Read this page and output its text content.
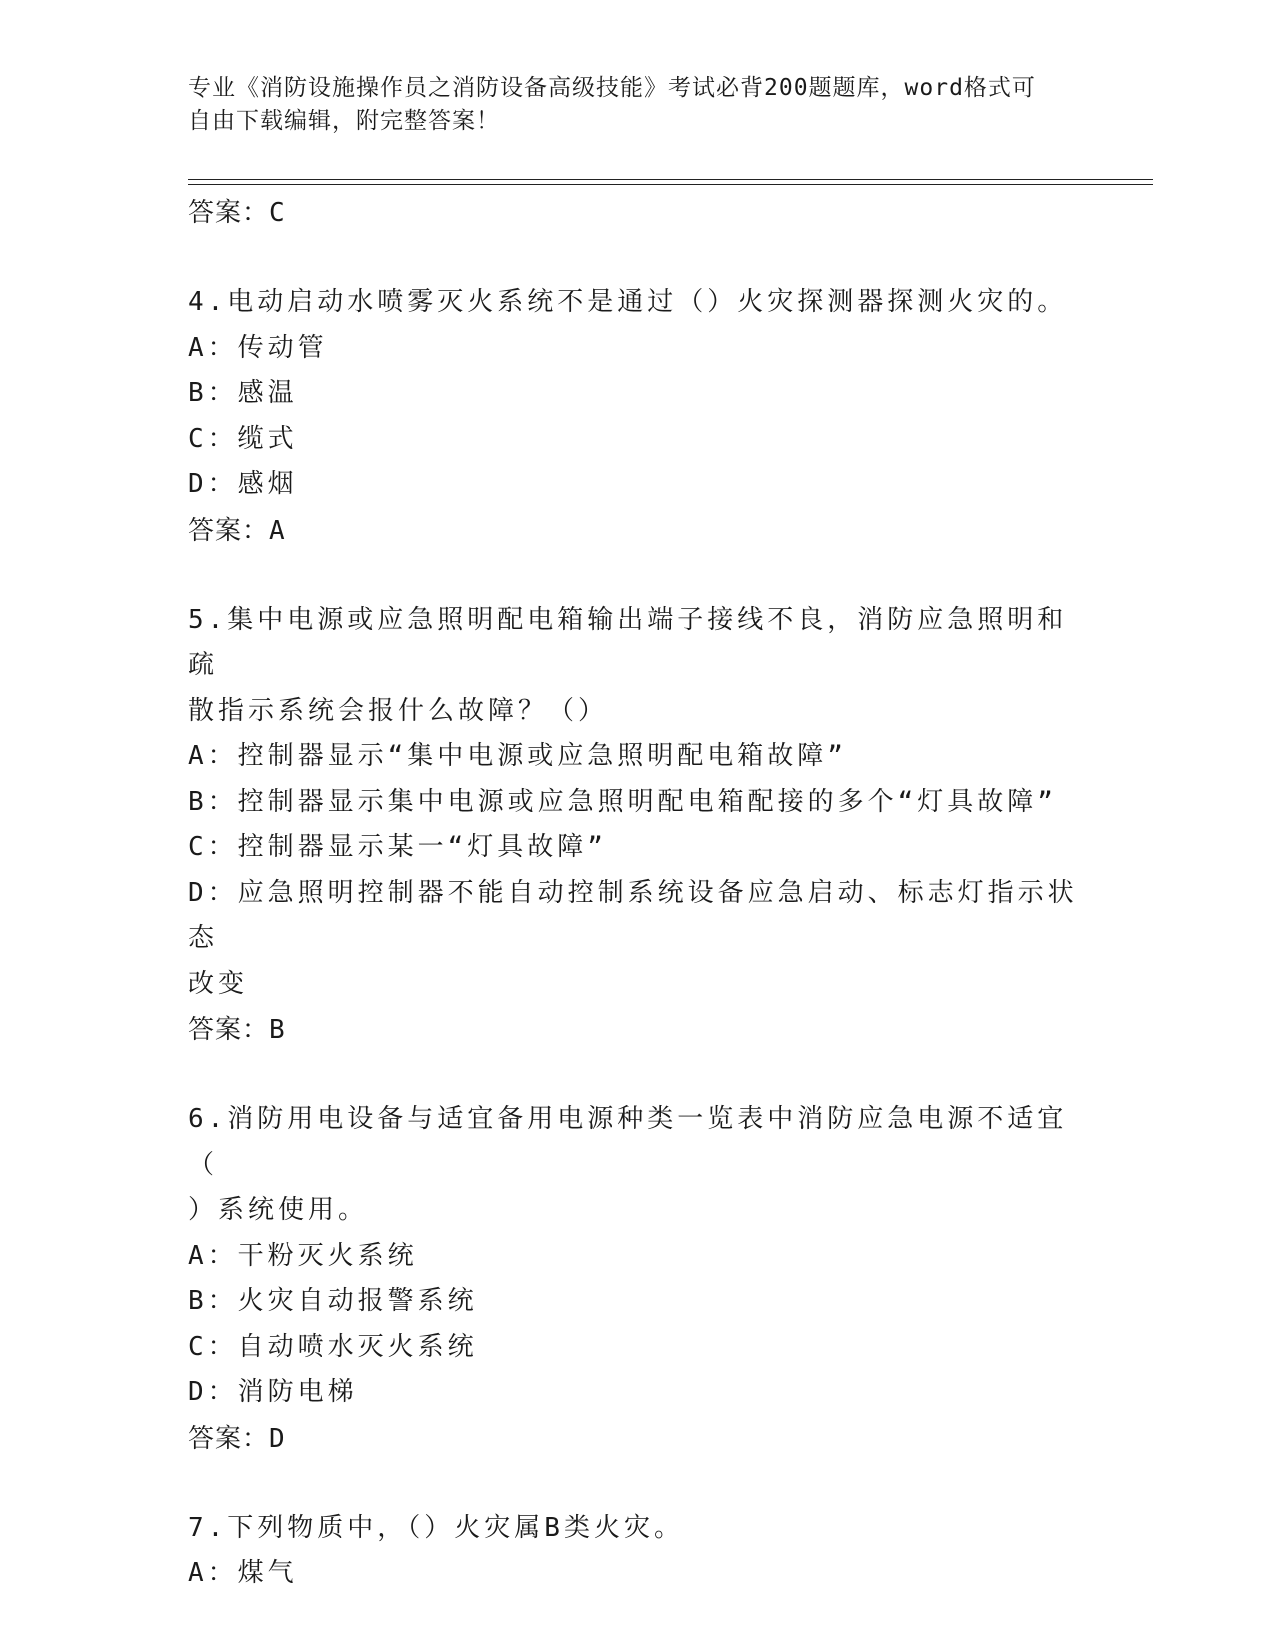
专业《消防设施操作员之消防设备高级技能》考试必背200题题库，word格式可
自由下载编辑，附完整答案！

答案：C

4.电动启动水喷雾灭火系统不是通过（）火灾探测器探测火灾的。

A：传动管

B：感温

C：缆式

D：感烟

答案：A

5.集中电源或应急照明配电箱输出端子接线不良，消防应急照明和疏

散指示系统会报什么故障？（）

A：控制器显示“集中电源或应急照明配电箱故障”

B：控制器显示集中电源或应急照明配电箱配接的多个“灯具故障”

C：控制器显示某一“灯具故障”

D：应急照明控制器不能自动控制系统设备应急启动、标志灯指示状态

改变

答案：B

6.消防用电设备与适宜备用电源种类一览表中消防应急电源不适宜（

）系统使用。

A：干粉灭火系统

B：火灾自动报警系统

C：自动喷水灭火系统

D：消防电梯

答案：D

7.下列物质中，（）火灾属B类火灾。

A：煤气
